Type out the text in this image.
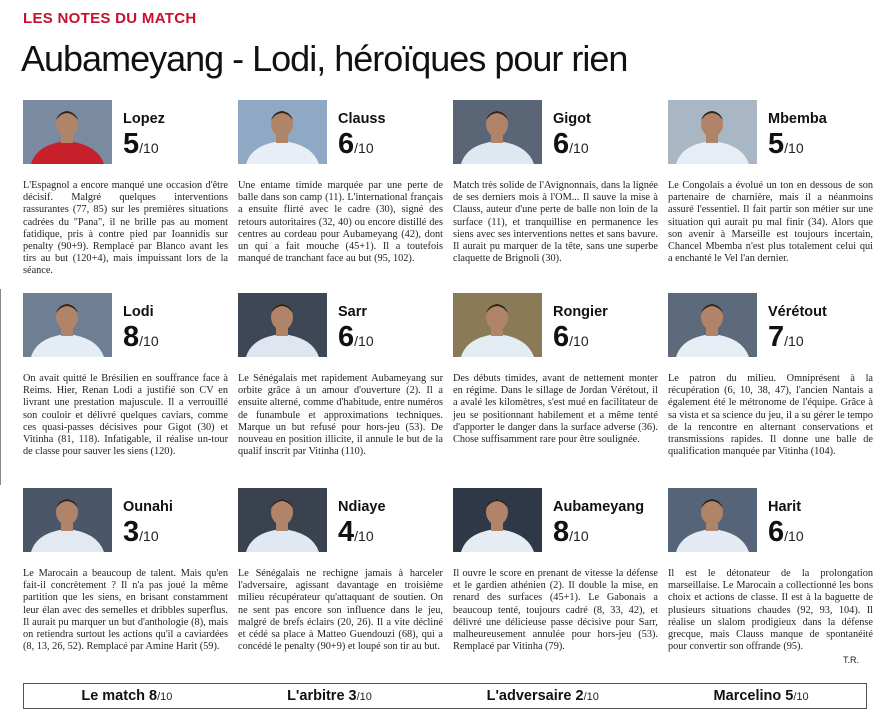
LES NOTES DU MATCH
Aubameyang - Lodi, héroïques pour rien
Lopez
5/10
L'Espagnol a encore manqué une occasion d'être décisif. Malgré quelques interventions rassurantes (77, 85) sur les premières situations cadrées du "Pana", il ne brille pas au moment fatidique, pris à contre pied par Ioannidis sur penalty (90+9). Remplacé par Blanco avant les tirs au but (120+4), mais impuissant lors de la séance.
Clauss
6/10
Une entame timide marquée par une perte de balle dans son camp (11). L'international français a ensuite flirté avec le cadre (30), signé des retours autoritaires (32, 40) ou encore distillé des centres au cordeau pour Aubameyang (42), dont un qui a fait mouche (45+1). Il a toutefois manqué de tranchant face au but (95, 102).
Gigot
6/10
Match très solide de l'Avignonnais, dans la lignée de ses derniers mois à l'OM... Il sauve la mise à Clauss, auteur d'une perte de balle non loin de la surface (11), et tranquillise en permanence les siens avec ses interventions nettes et sans bavure. Il aurait pu marquer de la tête, sans une superbe claquette de Brignoli (30).
Mbemba
5/10
Le Congolais a évolué un ton en dessous de son partenaire de charnière, mais il a néanmoins assuré l'essentiel. Il fait partir son métier sur une situation qui aurait pu mal finir (34). Alors que son avenir à Marseille est toujours incertain, Chancel Mbemba n'est plus totalement celui qui a enchanté le Vel l'an dernier.
Lodi
8/10
On avait quitté le Brésilien en souffrance face à Reims. Hier, Renan Lodi a justifié son CV en livrant une prestation majuscule. Il a verrouillé son couloir et délivré quelques caviars, comme ces quasi-passes décisives pour Gigot (30) et Vitinha (81, 118). Infatigable, il réalise un-tour de classe pour sauver les siens (120).
Sarr
6/10
Le Sénégalais met rapidement Aubameyang sur orbite grâce à un amour d'ouverture (2). Il a ensuite alterné, comme d'habitude, entre numéros de funambule et approximations techniques. Marque un but refusé pour hors-jeu (53). De nouveau en position illicite, il annule le but de la qualif inscrit par Vitinha (110).
Rongier
6/10
Des débuts timides, avant de nettement monter en régime. Dans le sillage de Jordan Vérétout, il a avalé les kilomètres, s'est mué en facilitateur de jeu se positionnant habilement et a même tenté d'apporter le danger dans la surface adverse (36). Chose suffisamment rare pour être soulignée.
Vérétout
7/10
Le patron du milieu. Omniprésent à la récupération (6, 10, 38, 47), l'ancien Nantais a également été le métronome de l'équipe. Grâce à sa vista et sa science du jeu, il a su gérer le tempo de la rencontre en alternant conservations et transmissions rapides. Il donne une balle de qualification manquée par Vitinha (104).
Ounahi
3/10
Le Marocain a beaucoup de talent. Mais qu'en fait-il concrètement ? Il n'a pas joué la même partition que les siens, en brisant constamment leur élan avec des semelles et dribbles superflus. Il aurait pu marquer un but d'anthologie (8), mais on retiendra surtout les actions qu'il a caviardées (8, 13, 26, 52). Remplacé par Amine Harit (59).
Ndiaye
4/10
Le Sénégalais ne rechigne jamais à harceler l'adversaire, agissant davantage en troisième milieu récupérateur qu'attaquant de soutien. On ne sent pas encore son influence dans le jeu, malgré de brefs éclairs (20, 26). Il a vite décliné et cédé sa place à Matteo Guendouzi (68), qui a concédé le penalty (90+9) et loupé son tir au but.
Aubameyang
8/10
Il ouvre le score en prenant de vitesse la défense et le gardien athénien (2). Il double la mise, en renard des surfaces (45+1). Le Gabonais a beaucoup tenté, toujours cadré (8, 33, 42), et délivré une délicieuse passe décisive pour Sarr, malheureusement annulée pour hors-jeu (53). Remplacé par Vitinha (79).
Harit
6/10
Il est le détonateur de la prolongation marseillaise. Le Marocain a collectionné les bons choix et actions de classe. Il est à la baguette de plusieurs situations chaudes (92, 93, 104). Il réalise un slalom prodigieux dans la défense grecque, mais Clauss manque de spontanéité pour convertir son offrande (95).
T.R.
Le match 8/10	L'arbitre 3/10	L'adversaire 2/10	Marcelino 5/10
